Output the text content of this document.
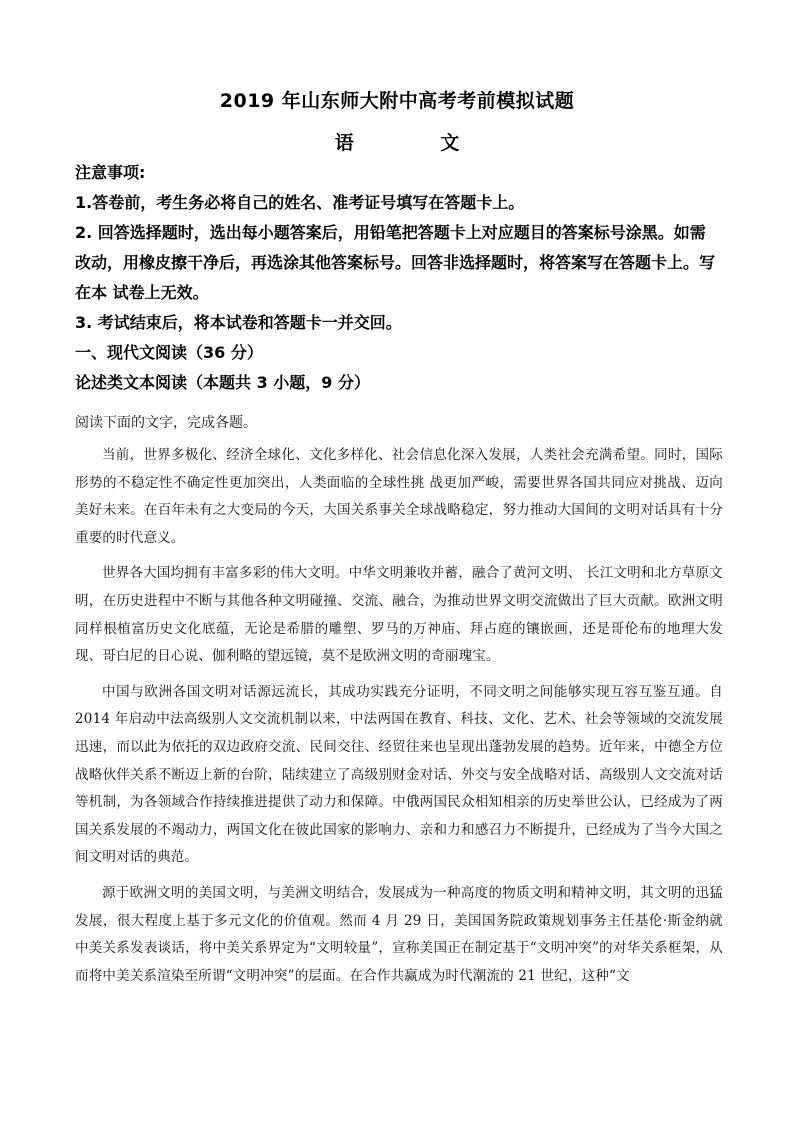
2019 年山东师大附中高考考前模拟试题
语 文
注意事项:
1.答卷前，考生务必将自己的姓名、准考证号填写在答题卡上。
2. 回答选择题时，选出每小题答案后，用铅笔把答题卡上对应题目的答案标号涂黑。如需
改动，用橡皮擦干净后，再选涂其他答案标号。回答非选择题时，将答案写在答题卡上。写
在本 试卷上无效。
3. 考试结束后，将本试卷和答题卡一并交回。
一、现代文阅读（36 分）
论述类文本阅读（本题共 3 小题，9 分）
阅读下面的文字，完成各题。

当前，世界多极化、经济全球化、文化多样化、社会信息化深入发展，人类社会充满希望。同时，国际形势的不稳定性不确定性更加突出，人类面临的全球性挑 战更加严峻，需要世界各国共同应对挑战、迈向美好未来。在百年未有之大变局的今天，大国关系事关全球战略稳定，努力推动大国间的文明对话具有十分重要的时代意义。

世界各大国均拥有丰富多彩的伟大文明。中华文明兼收并蓄，融合了黄河文明、 长江文明和北方草原文明，在历史进程中不断与其他各种文明碰撞、交流、融合，为推动世界文明交流做出了巨大贡献。欧洲文明同样根植富历史文化底蕴，无论是希腊的雕塑、罗马的万神庙、拜占庭的镶嵌画，还是哥伦布的地理大发现、哥白尼的日心说、伽利略的望远镜，莫不是欧洲文明的奇丽瑰宝。

中国与欧洲各国文明对话源远流长，其成功实践充分证明，不同文明之间能够实现互容互鉴互通。自 2014 年启动中法高级别人文交流机制以来，中法两国在教育、科技、文化、艺术、社会等领域的交流发展迅速，而以此为依托的双边政府交流、民间交往、经贸往来也呈现出蓬勃发展的趋势。近年来，中德全方位战略伙伴关系不断迈上新的台阶，陆续建立了高级别财金对话、外交与安全战略对话、高级别人文交流对话等机制，为各领域合作持续推进提供了动力和保障。中俄两国民众相知相亲的历史举世公认，已经成为了两国关系发展的不竭动力，两国文化在彼此国家的影响力、亲和力和感召力不断提升，已经成为了当今大国之间文明对话的典范。

源于欧洲文明的美国文明，与美洲文明结合，发展成为一种高度的物质文明和精神文明，其文明的迅猛发展，很大程度上基于多元文化的价值观。然而 4 月 29 日，美国国务院政策规划事务主任基伦·斯金纳就中美关系发表谈话，将中美关系界定为“文明较量”，宣称美国正在制定基于“文明冲突”的对华关系框架，从而将中美关系渲染至所谓“文明冲突”的层面。在合作共赢成为时代潮流的 21 世纪，这种“文
